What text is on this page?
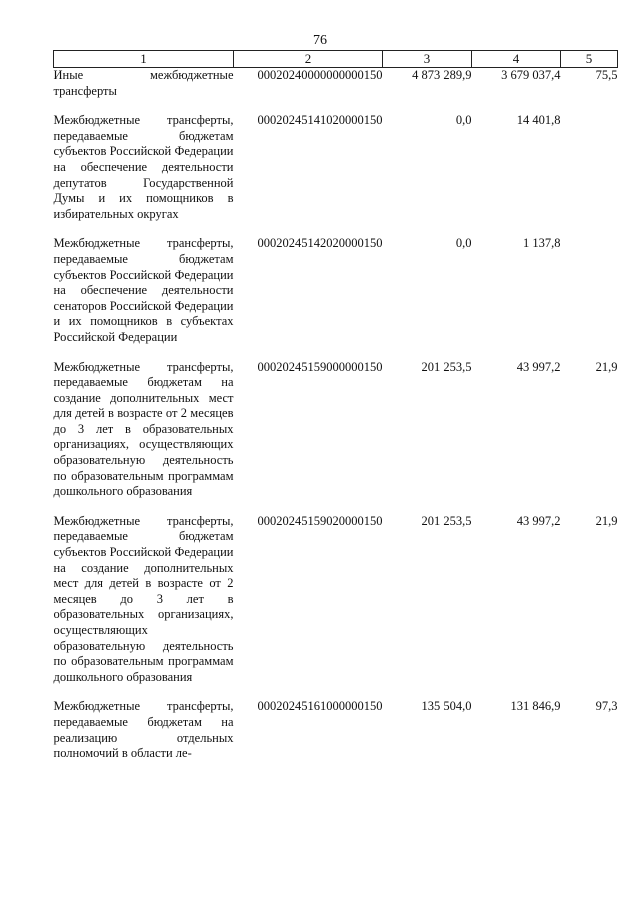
76
1	2	3	4	5
Иные межбюджетные трансферты	00020240000000000150	4 873 289,9	3 679 037,4	75,5

Межбюджетные трансферты, передаваемые бюджетам субъектов Российской Федерации на обеспечение деятельности депутатов Государственной Думы и их помощников в избирательных округах	00020245141020000150	0,0	14 401,8	

Межбюджетные трансферты, передаваемые бюджетам субъектов Российской Федерации на обеспечение деятельности сенаторов Российской Федерации и их помощников в субъектах Российской Федерации	00020245142020000150	0,0	1 137,8	

Межбюджетные трансферты, передаваемые бюджетам на создание дополнительных мест для детей в возрасте от 2 месяцев до 3 лет в образовательных организациях, осуществляющих образовательную деятельность по образовательным программам дошкольного образования	00020245159000000150	201 253,5	43 997,2	21,9

Межбюджетные трансферты, передаваемые бюджетам субъектов Российской Федерации на создание дополнительных мест для детей в возрасте от 2 месяцев до 3 лет в образовательных организациях, осуществляющих образовательную деятельность по образовательным программам дошкольного образования	00020245159020000150	201 253,5	43 997,2	21,9

Межбюджетные трансферты, передаваемые бюджетам на реализацию отдельных полномочий в области ле-	00020245161000000150	135 504,0	131 846,9	97,3
